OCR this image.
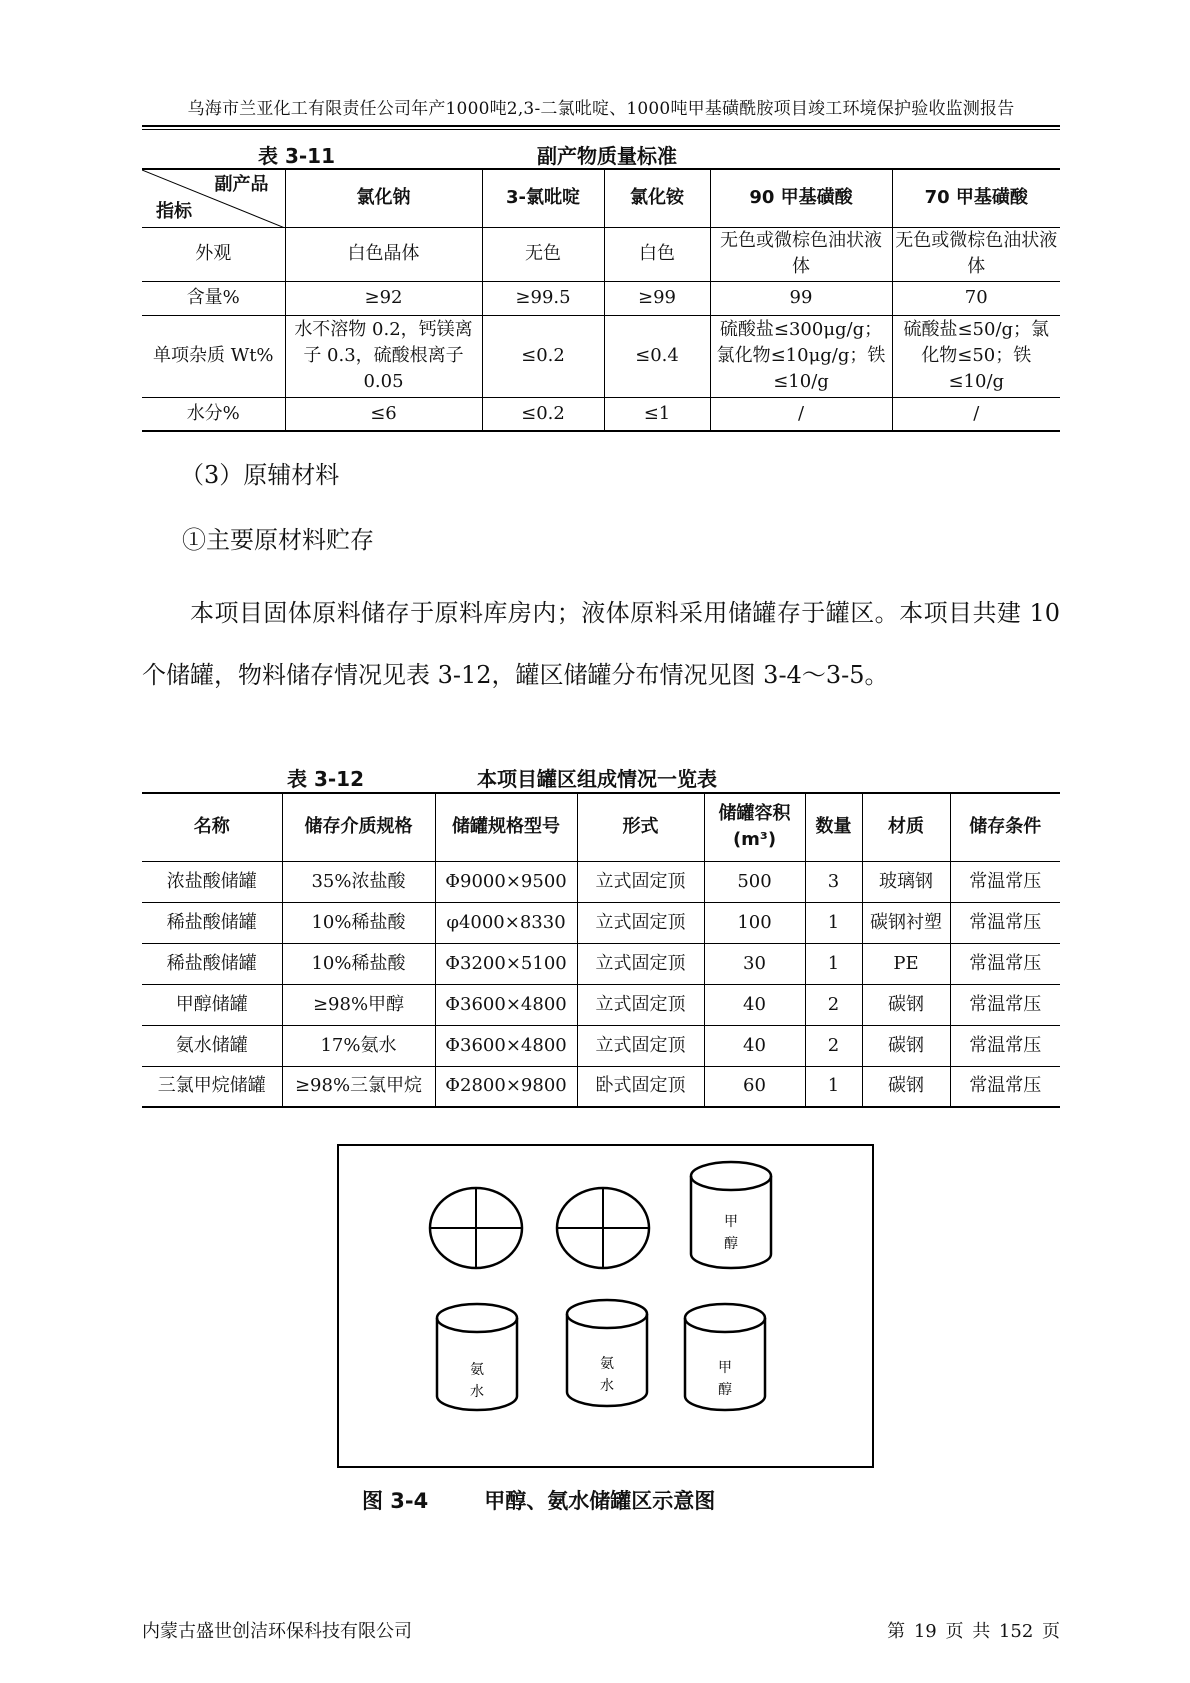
乌海市兰亚化工有限责任公司年产1000吨2,3-二氯吡啶、1000吨甲基磺酰胺项目竣工环境保护验收监测报告
表 3-11	副产物质量标准
副产品
指标	氯化钠	3-氯吡啶	氯化铵	90 甲基磺酸	70 甲基磺酸
外观	白色晶体	无色	白色	无色或微棕色油状液体	无色或微棕色油状液体
含量%	≥92	≥99.5	≥99	99	70
单项杂质 Wt%	水不溶物 0.2，钙镁离子 0.3，硫酸根离子 0.05	≤0.2	≤0.4	硫酸盐≤300μg/g；氯化物≤10μg/g；铁≤10/g	硫酸盐≤50/g；氯化物≤50；铁≤10/g
水分%	≤6	≤0.2	≤1	/	/
（3）原辅材料
①主要原材料贮存
本项目固体原料储存于原料库房内；液体原料采用储罐存于罐区。本项目共建 10 个储罐，物料储存情况见表 3-12，罐区储罐分布情况见图 3-4～3-5。
表 3-12	本项目罐区组成情况一览表
名称	储存介质规格	储罐规格型号	形式	储罐容积(m³)	数量	材质	储存条件
浓盐酸储罐	35%浓盐酸	Φ9000×9500	立式固定顶	500	3	玻璃钢	常温常压
稀盐酸储罐	10%稀盐酸	φ4000×8330	立式固定顶	100	1	碳钢衬塑	常温常压
稀盐酸储罐	10%稀盐酸	Φ3200×5100	立式固定顶	30	1	PE	常温常压
甲醇储罐	≥98%甲醇	Φ3600×4800	立式固定顶	40	2	碳钢	常温常压
氨水储罐	17%氨水	Φ3600×4800	立式固定顶	40	2	碳钢	常温常压
三氯甲烷储罐	≥98%三氯甲烷	Φ2800×9800	卧式固定顶	60	1	碳钢	常温常压
甲醇
氨水
氨水
甲醇
图 3-4	甲醇、氨水储罐区示意图
内蒙古盛世创洁环保科技有限公司	第 19 页 共 152 页
